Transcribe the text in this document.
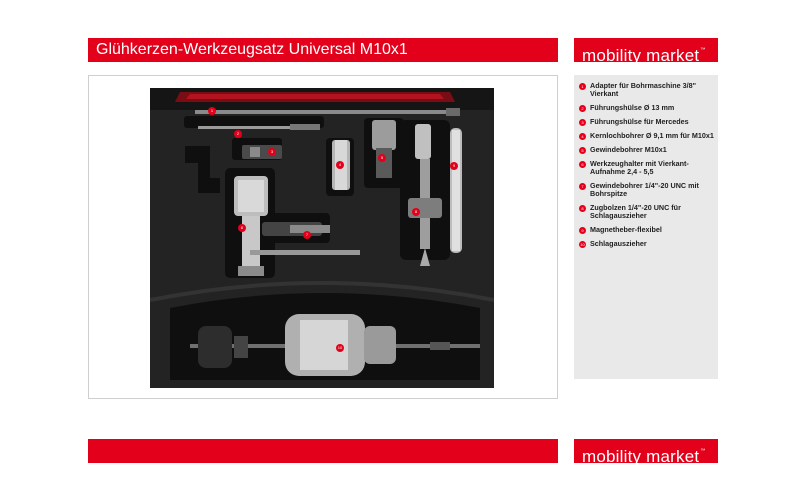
Glühkerzen-Werkzeugsatz Universal M10x1	mobility market™
1
2
3
4
5
6
7
8
9
10
1 Adapter für Bohrmaschine 3/8" Vierkant
2 Führungshülse Ø 13 mm
3 Führungshülse für Mercedes
4 Kernlochbohrer Ø 9,1 mm für M10x1
5 Gewindebohrer M10x1
6 Werkzeughalter mit Vierkant-Aufnahme 2,4 - 5,5
7 Gewindebohrer 1/4"-20 UNC mit Bohrspitze
8 Zugbolzen 1/4"-20 UNC für Schlagauszieher
9 Magnetheber-flexibel
10 Schlagauszieher
mobility market™
